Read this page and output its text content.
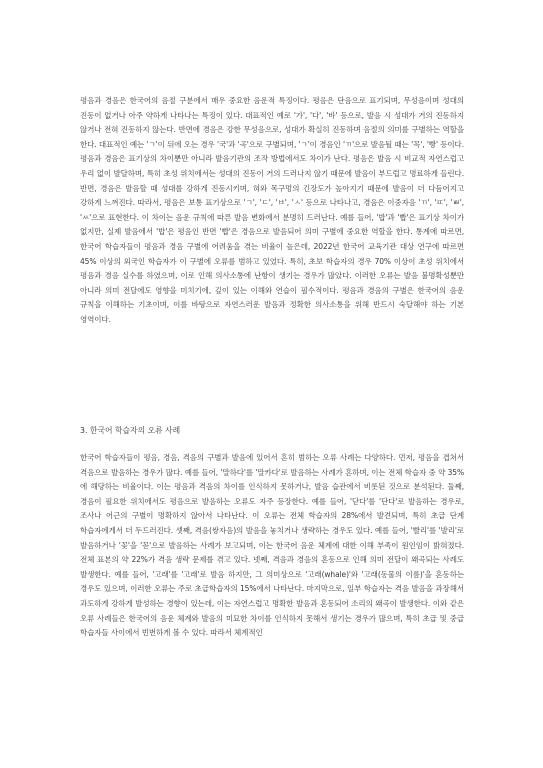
평음과 경음은 한국어의 음절 구분에서 매우 중요한 음운적 특징이다. 평음은 단음으로 표기되며, 무성음이며 성대의 진동이 없거나 아주 약하게 나타나는 특징이 있다. 대표적인 예로 '가', '다', '바' 등으로, 발음 시 성대가 거의 진동하지 않거나 전혀 진동하지 않는다. 반면에 경음은 강한 무성음으로, 성대가 확실히 진동하며 음절의 의미를 구별하는 역할을 한다. 대표적인 예는 'ㄱ'이 뒤에 오는 경우 '국'과 '곡'으로 구별되며, 'ㄱ'이 경음인 'ㄲ'으로 발음될 때는 '꼭', '빵' 등이다. 평음과 경음은 표기상의 차이뿐만 아니라 발음기관의 조작 방법에서도 차이가 난다. 평음은 발음 시 비교적 자연스럽고 우리 없이 발달하며, 특히 초성 위치에서는 성대의 진동이 거의 드러나지 않기 때문에 발음이 부드럽고 명료하게 들린다. 반면, 경음은 발음할 때 성대를 강하게 진동시키며, 혀와 목구멍의 긴장도가 높아지기 때문에 발음이 더 다듬어지고 강하게 느껴진다. 따라서, 평음은 보통 표기상으로 'ㄱ', 'ㄷ', 'ㅂ', 'ㅅ' 등으로 나타나고, 경음은 이중자음 'ㄲ', 'ㄸ', 'ㅃ', 'ㅆ'으로 표현한다. 이 차이는 음운 규칙에 따른 발음 변화에서 분명히 드러난다. 예를 들어, '밥'과 '빱'은 표기상 차이가 없지만, 실제 발음에서 '밥'은 평음인 반면 '빱'은 경음으로 발음되어 의미 구별에 중요한 역할을 한다. 통계에 따르면, 한국어 학습자들이 평음과 경음 구별에 어려움을 겪는 비율이 높은데, 2022년 한국어 교육기관 대상 연구에 따르면 45% 이상의 외국인 학습자가 이 구별에 오류를 범하고 있었다. 특히, 초보 학습자의 경우 70% 이상이 초성 위치에서 평음과 경음 실수를 하였으며, 이로 인해 의사소통에 난항이 생기는 경우가 많았다. 이러한 오류는 발음 불명확성뿐만 아니라 의미 전달에도 영향을 미치기에, 깊이 있는 이해와 연습이 필수적이다. 평음과 경음의 구별은 한국어의 음운 규칙을 이해하는 기초이며, 이를 바탕으로 자연스러운 발음과 정확한 의사소통을 위해 반드시 숙달해야 하는 기본 영역이다.

3. 한국어 학습자의 오류 사례

한국어 학습자들이 평음, 경음, 격음의 구별과 발음에 있어서 흔히 범하는 오류 사례는 다양하다. 먼저, 평음을 겹쳐서 격음으로 발음하는 경우가 많다. 예를 들어, '말하다'를 '말카다'로 발음하는 사례가 흔하며, 이는 전체 학습자 중 약 35%에 해당하는 비율이다. 이는 평음과 격음의 차이를 인식하지 못하거나, 발음 습관에서 비롯된 것으로 분석된다. 둘째, 경음이 필요한 위치에서도 평음으로 발음하는 오류도 자주 등장한다. 예를 들어, '닫다'를 '단다'로 발음하는 경우로, 조사나 어근의 구별이 명확하지 않아서 나타난다. 이 오류는 전체 학습자의 28%에서 발견되며, 특히 초급 단계 학습자에게서 더 두드러진다. 셋째, 격음(쌍자음)의 발음을 놓치거나 생략하는 경우도 있다. 예를 들어, '빨리'를 '발리'로 발음하거나 '꽃'을 '꼳'으로 발음하는 사례가 보고되며, 이는 한국어 음운 체계에 대한 이해 부족이 원인임이 밝혀졌다. 전체 표본의 약 22%가 격음 생략 문제를 겪고 있다. 넷째, 격음과 경음의 혼동으로 인해 의미 전달이 왜곡되는 사례도 발생한다. 예를 들어, '고래'를 '고래'로 발음 하지만, 그 의미상으로 '고래(whale)'와 '고래(동물의 이름)'을 혼동하는 경우도 있으며, 이러한 오류는 주로 초급학습자의 15%에서 나타난다. 마지막으로, 일부 학습자는 격음 발음을 과장해서 과도하게 강하게 발성하는 경향이 있는데, 이는 자연스럽고 명확한 발음과 혼동되어 소리의 왜곡이 발생한다. 이와 같은 오류 사례들은 한국어의 음운 체계와 발음의 미묘한 차이를 인식하지 못해서 생기는 경우가 많으며, 특히 초급 및 중급 학습자들 사이에서 빈번하게 볼 수 있다. 따라서 체계적인
